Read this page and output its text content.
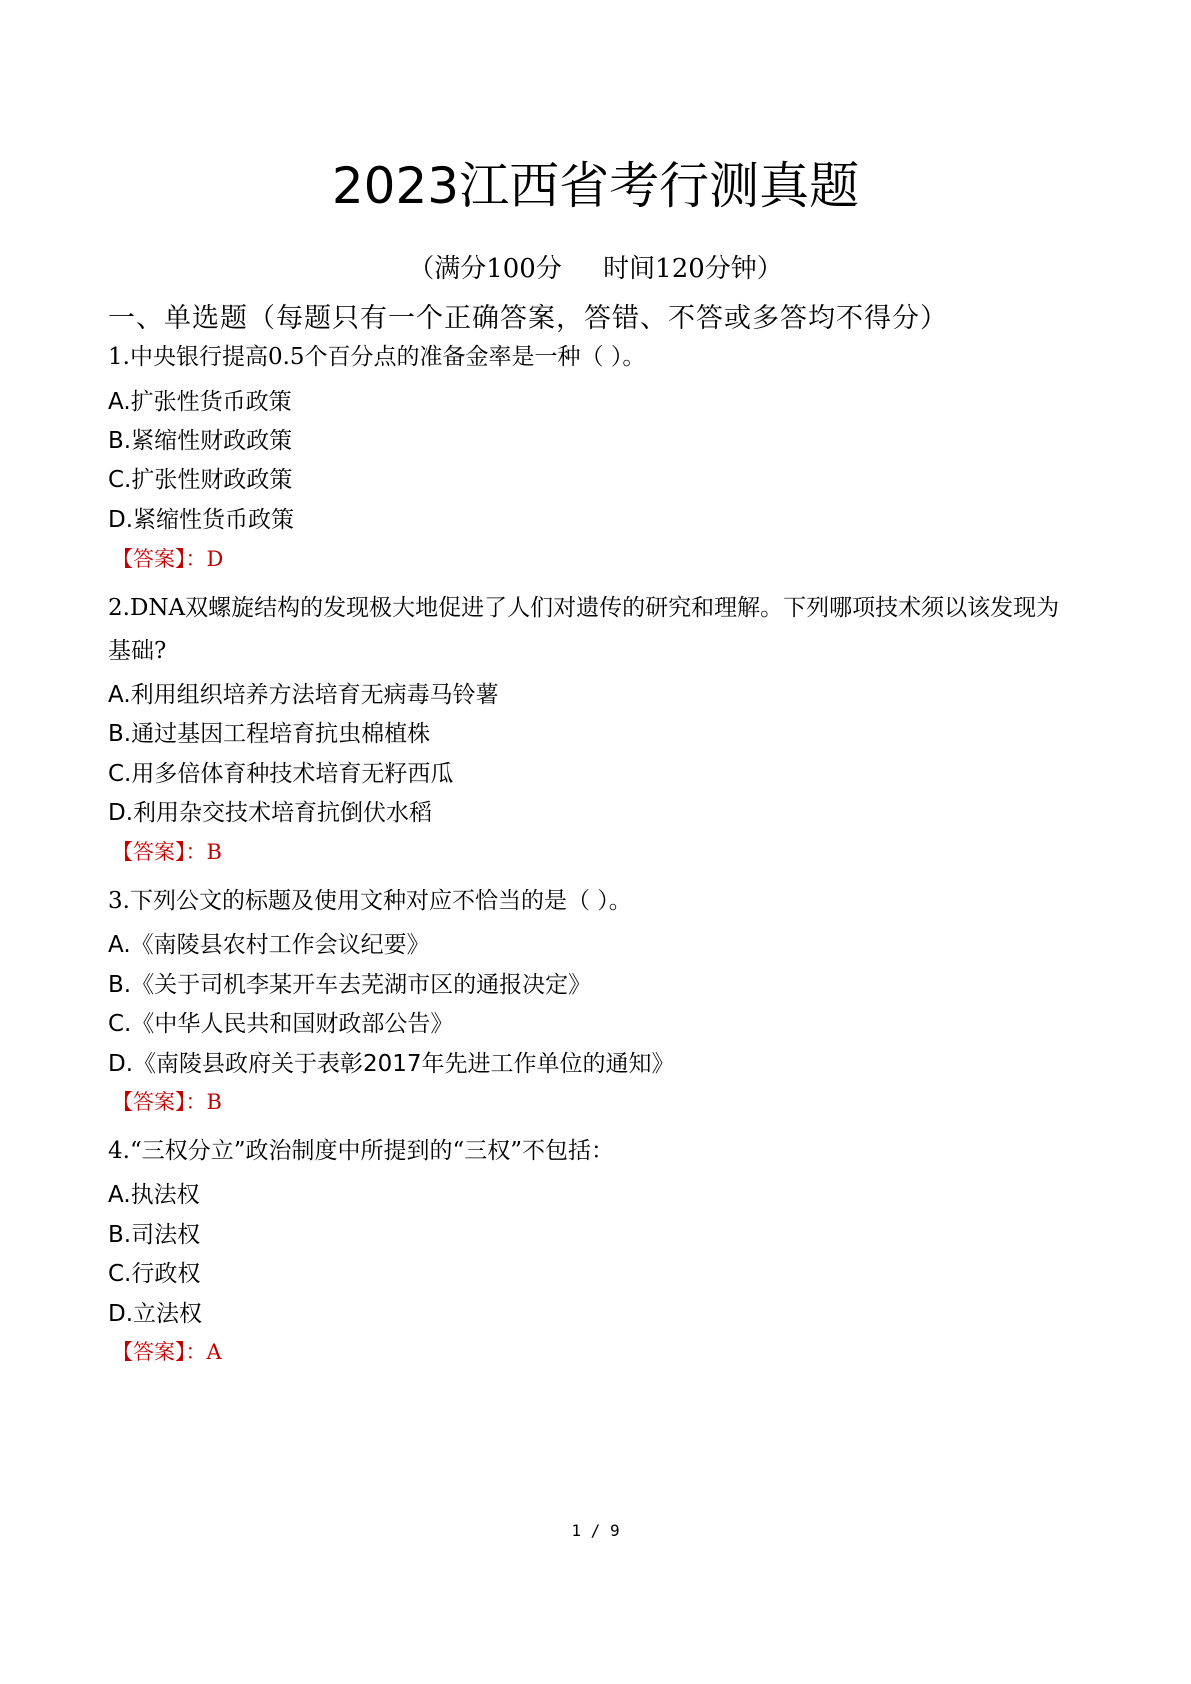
2023江西省考行测真题
（满分100分     时间120分钟）
一、单选题（每题只有一个正确答案，答错、不答或多答均不得分）
1.中央银行提高0.5个百分点的准备金率是一种（ ）。
A.扩张性货币政策
B.紧缩性财政政策
C.扩张性财政政策
D.紧缩性货币政策
【答案】：D
2.DNA双螺旋结构的发现极大地促进了人们对遗传的研究和理解。下列哪项技术须以该发现为
基础?
A.利用组织培养方法培育无病毒马铃薯
B.通过基因工程培育抗虫棉植株
C.用多倍体育种技术培育无籽西瓜
D.利用杂交技术培育抗倒伏水稻
【答案】：B
3.下列公文的标题及使用文种对应不恰当的是（ ）。
A.《南陵县农村工作会议纪要》
B.《关于司机李某开车去芜湖市区的通报决定》
C.《中华人民共和国财政部公告》
D.《南陵县政府关于表彰2017年先进工作单位的通知》
【答案】：B
4.“三权分立”政治制度中所提到的“三权”不包括：
A.执法权
B.司法权
C.行政权
D.立法权
【答案】：A
1 / 9
